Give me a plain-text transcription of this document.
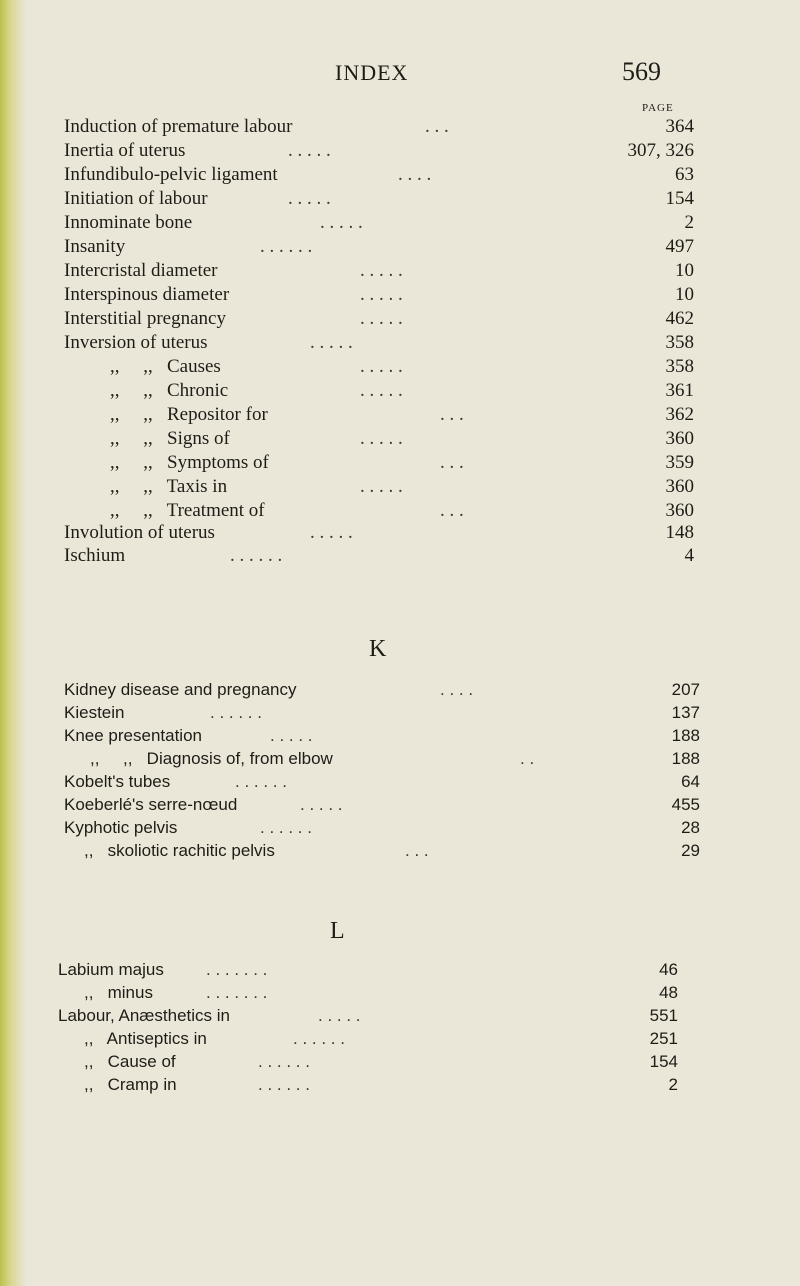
INDEX	569
PAGE
Induction of premature labour	. . .	364
Inertia of uterus	. . . . .	307, 326
Infundibulo-pelvic ligament	. . . .	63
Initiation of labour	. . . . .	154
Innominate bone	. . . . .	2
Insanity	. . . . . .	497
Intercristal diameter	. . . . .	10
Interspinous diameter	. . . . .	10
Interstitial pregnancy	. . . . .	462
Inversion of uterus	. . . . .	358
,,     ,,   Causes	. . . . .	358
,,     ,,   Chronic	. . . . .	361
,,     ,,   Repositor for	. . .	362
,,     ,,   Signs of	. . . . .	360
,,     ,,   Symptoms of	. . .	359
,,     ,,   Taxis in	. . . . .	360
,,     ,,   Treatment of	. . .	360
Involution of uterus	. . . . .	148
Ischium	. . . . . .	4
K
Kidney disease and pregnancy	. . . .	207
Kiestein	. . . . . .	137
Knee presentation	. . . . .	188
,,     ,,   Diagnosis of, from elbow	. .	188
Kobelt's tubes	. . . . . .	64
Koeberlé's serre-nœud	. . . . .	455
Kyphotic pelvis	. . . . . .	28
,,   skoliotic rachitic pelvis	. . .	29
L
Labium majus . . . . . . .	46
,,   minus	. . . . . . .	48
Labour, Anæsthetics in	. . . . .	551
,,   Antiseptics in	. . . . . .	251
,,   Cause of	. . . . . .	154
,,   Cramp in	. . . . . .	2
